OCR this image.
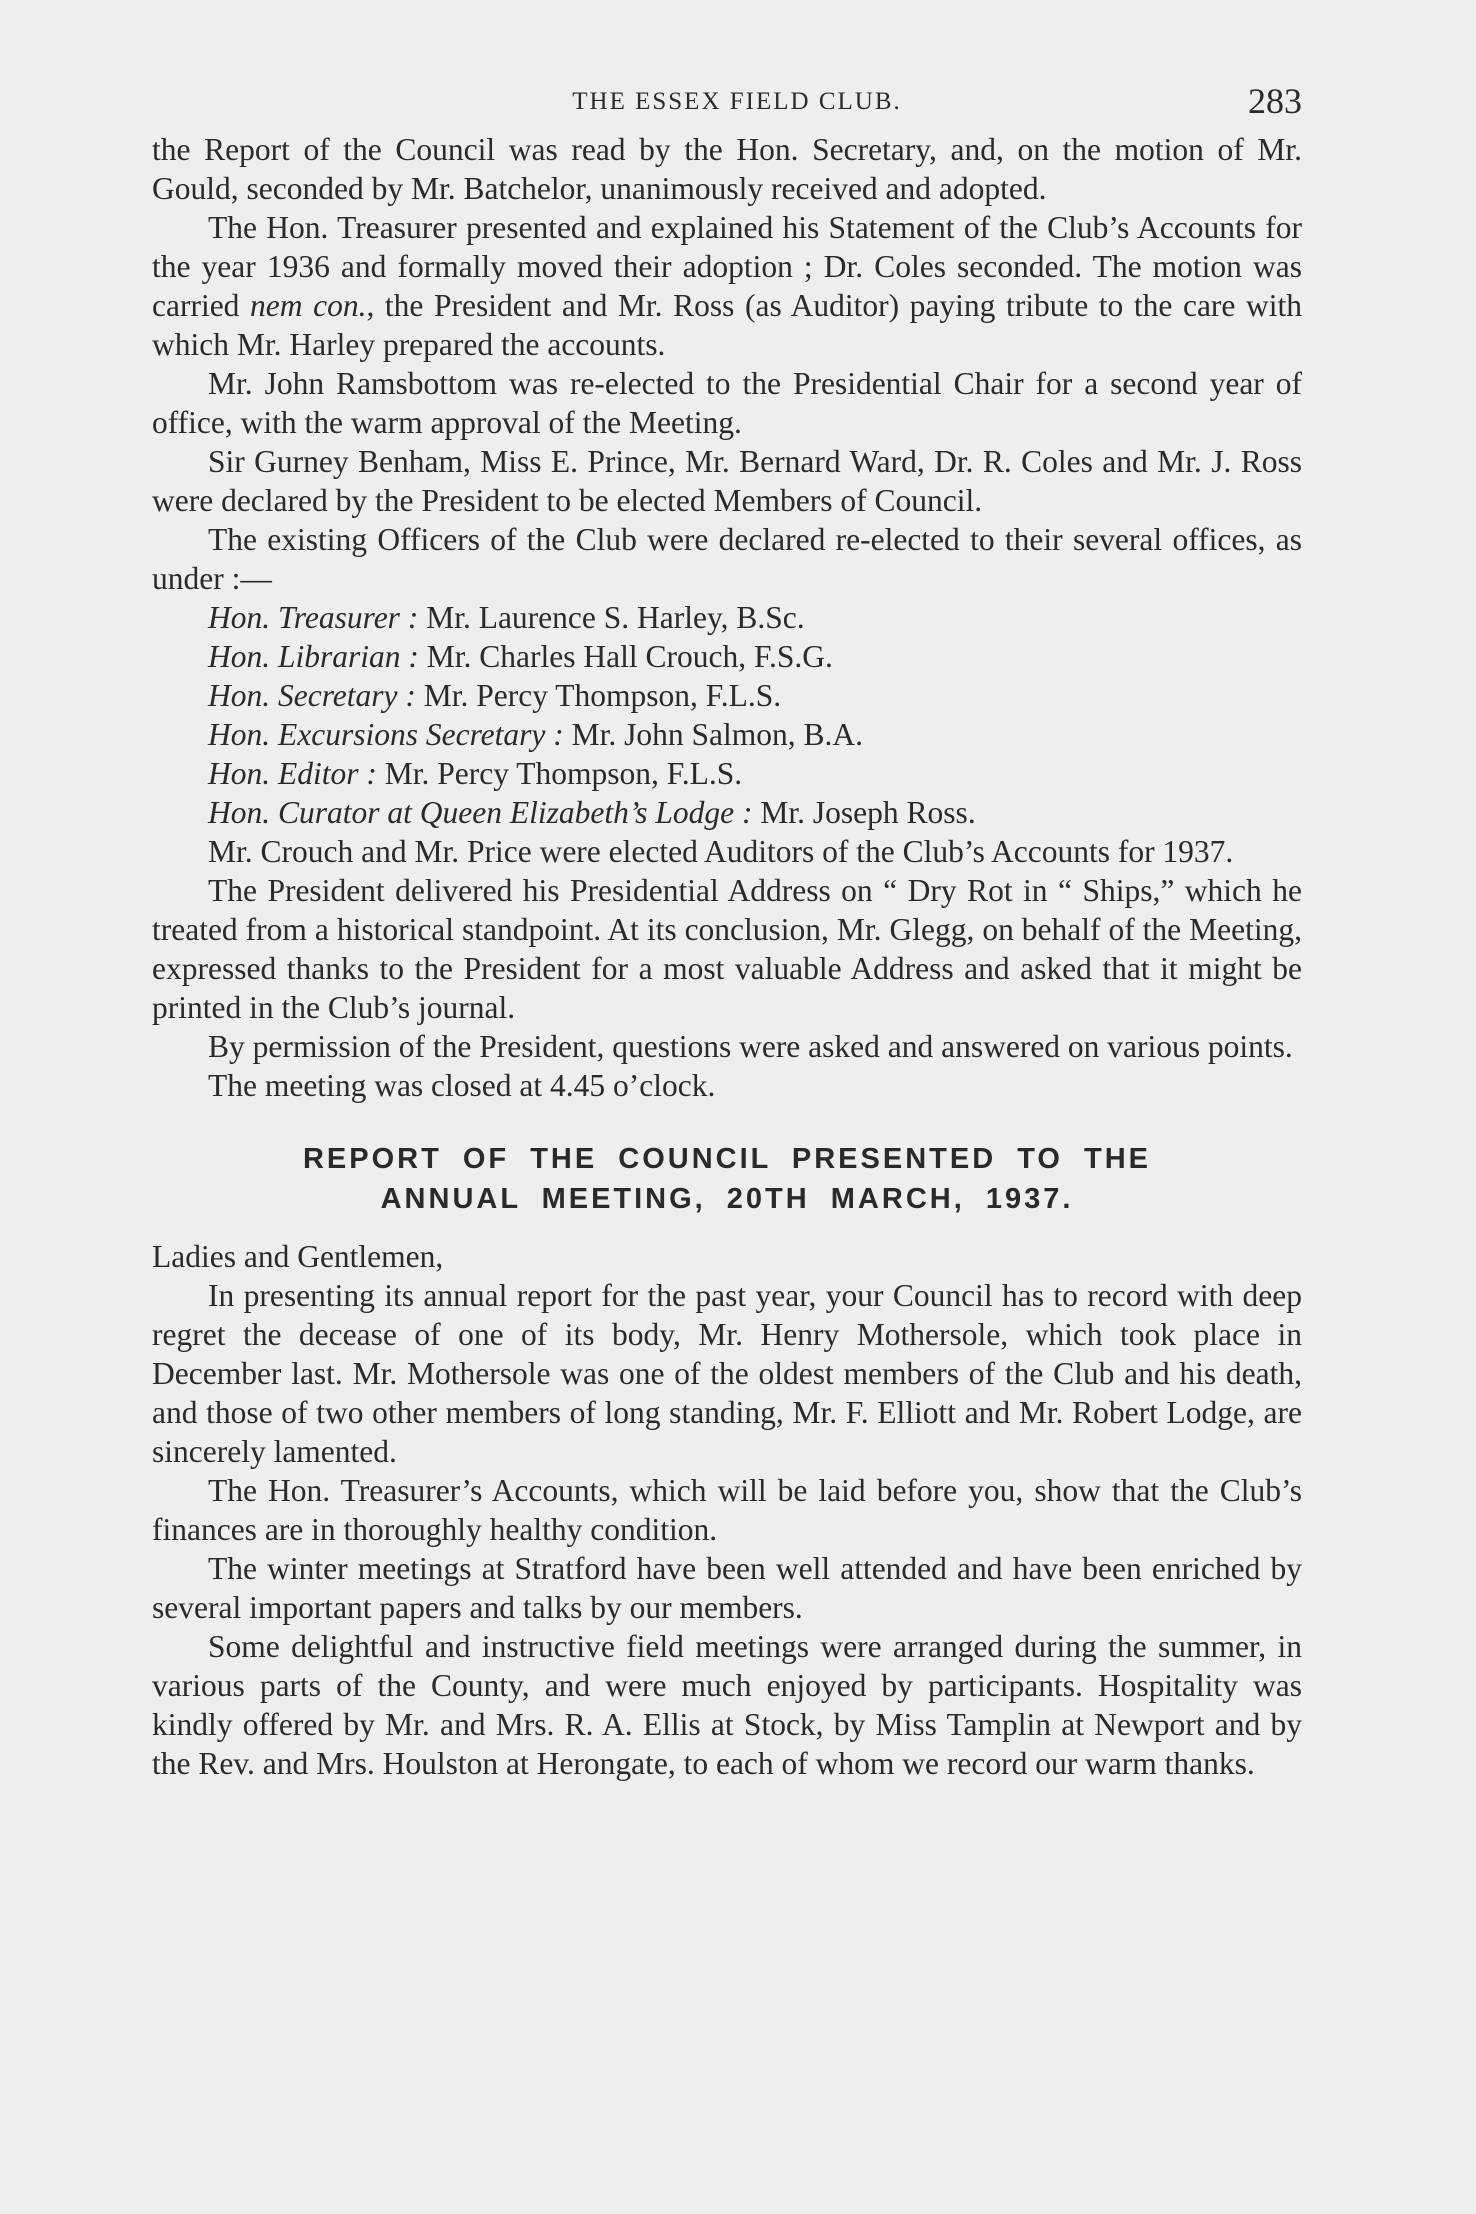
THE ESSEX FIELD CLUB.	283

the Report of the Council was read by the Hon. Secretary, and, on the motion of Mr. Gould, seconded by Mr. Batchelor, unanimously received and adopted.

The Hon. Treasurer presented and explained his Statement of the Club’s Accounts for the year 1936 and formally moved their adoption ; Dr. Coles seconded. The motion was carried nem con., the President and Mr. Ross (as Auditor) paying tribute to the care with which Mr. Harley prepared the accounts.

Mr. John Ramsbottom was re-elected to the Presidential Chair for a second year of office, with the warm approval of the Meeting.

Sir Gurney Benham, Miss E. Prince, Mr. Bernard Ward, Dr. R. Coles and Mr. J. Ross were declared by the President to be elected Members of Council.

The existing Officers of the Club were declared re-elected to their several offices, as under :—

Hon. Treasurer : Mr. Laurence S. Harley, B.Sc.

Hon. Librarian : Mr. Charles Hall Crouch, F.S.G.

Hon. Secretary : Mr. Percy Thompson, F.L.S.

Hon. Excursions Secretary : Mr. John Salmon, B.A.

Hon. Editor : Mr. Percy Thompson, F.L.S.

Hon. Curator at Queen Elizabeth’s Lodge : Mr. Joseph Ross.

Mr. Crouch and Mr. Price were elected Auditors of the Club’s Accounts for 1937.

The President delivered his Presidential Address on “ Dry Rot in “ Ships,” which he treated from a historical standpoint. At its conclusion, Mr. Glegg, on behalf of the Meeting, expressed thanks to the President for a most valuable Address and asked that it might be printed in the Club’s journal.

By permission of the President, questions were asked and answered on various points.

The meeting was closed at 4.45 o’clock.

REPORT OF THE COUNCIL PRESENTED TO THE
ANNUAL MEETING, 20TH MARCH, 1937.

Ladies and Gentlemen,

In presenting its annual report for the past year, your Council has to record with deep regret the decease of one of its body, Mr. Henry Mothersole, which took place in December last. Mr. Mothersole was one of the oldest members of the Club and his death, and those of two other members of long standing, Mr. F. Elliott and Mr. Robert Lodge, are sincerely lamented.

The Hon. Treasurer’s Accounts, which will be laid before you, show that the Club’s finances are in thoroughly healthy condition.

The winter meetings at Stratford have been well attended and have been enriched by several important papers and talks by our members.

Some delightful and instructive field meetings were arranged during the summer, in various parts of the County, and were much enjoyed by participants. Hospitality was kindly offered by Mr. and Mrs. R. A. Ellis at Stock, by Miss Tamplin at Newport and by the Rev. and Mrs. Houlston at Herongate, to each of whom we record our warm thanks.
